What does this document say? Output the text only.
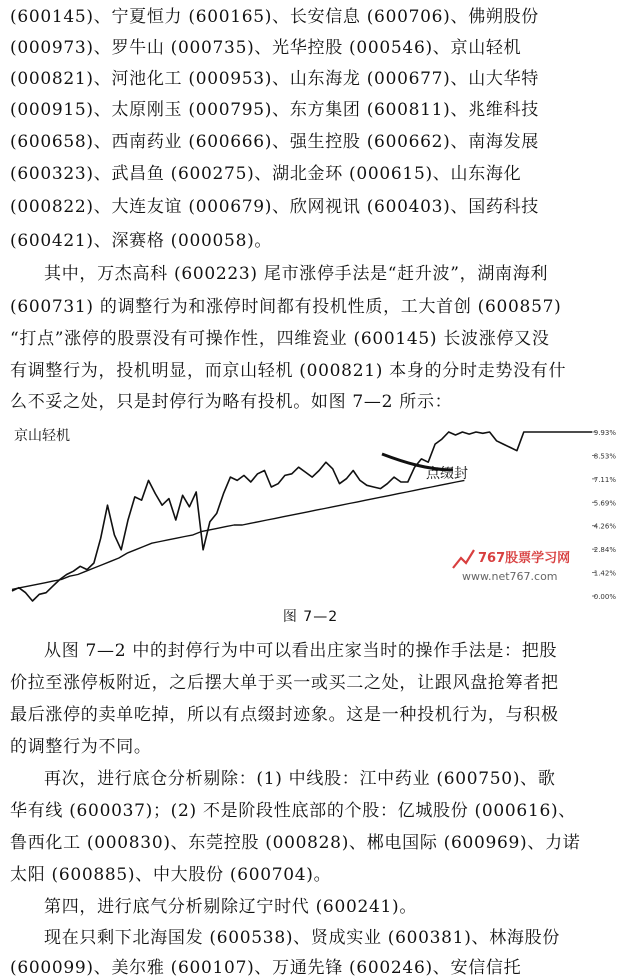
(600145)、宁夏恒力 (600165)、长安信息 (600706)、佛朔股份
(000973)、罗牛山 (000735)、光华控股 (000546)、京山轻机
(000821)、河池化工 (000953)、山东海龙 (000677)、山大华特
(000915)、太原刚玉 (000795)、东方集团 (600811)、兆维科技
(600658)、西南药业 (600666)、强生控股 (600662)、南海发展
(600323)、武昌鱼 (600275)、湖北金环 (000615)、山东海化
(000822)、大连友谊 (000679)、欣网视讯 (600403)、国药科技
(600421)、深赛格 (000058)。
其中，万杰高科 (600223) 尾市涨停手法是“赶升波”，湖南海利
(600731) 的调整行为和涨停时间都有投机性质，工大首创 (600857)
“打点”涨停的股票没有可操作性，四维瓷业 (600145) 长波涨停又没
有调整行为，投机明显，而京山轻机 (000821) 本身的分时走势没有什
么不妥之处，只是封停行为略有投机。如图 7—2 所示：
京山轻机	9.93%
8.53%
7.11%
5.69%
4.26%
2.84%
1.42%
0.00%
点缀封
767股票学习网
www.net767.com
图 7—2
从图 7—2 中的封停行为中可以看出庄家当时的操作手法是：把股
价拉至涨停板附近，之后摆大单于买一或买二之处，让跟风盘抢筹者把
最后涨停的卖单吃掉，所以有点缀封迹象。这是一种投机行为，与积极
的调整行为不同。
再次，进行底仓分析剔除：(1) 中线股：江中药业 (600750)、歌
华有线 (600037)；(2) 不是阶段性底部的个股：亿城股份 (000616)、
鲁西化工 (000830)、东莞控股 (000828)、郴电国际 (600969)、力诺
太阳 (600885)、中大股份 (600704)。
第四，进行底气分析剔除辽宁时代 (600241)。
现在只剩下北海国发 (600538)、贤成实业 (600381)、林海股份
(600099)、美尔雅 (600107)、万通先锋 (600246)、安信信托
